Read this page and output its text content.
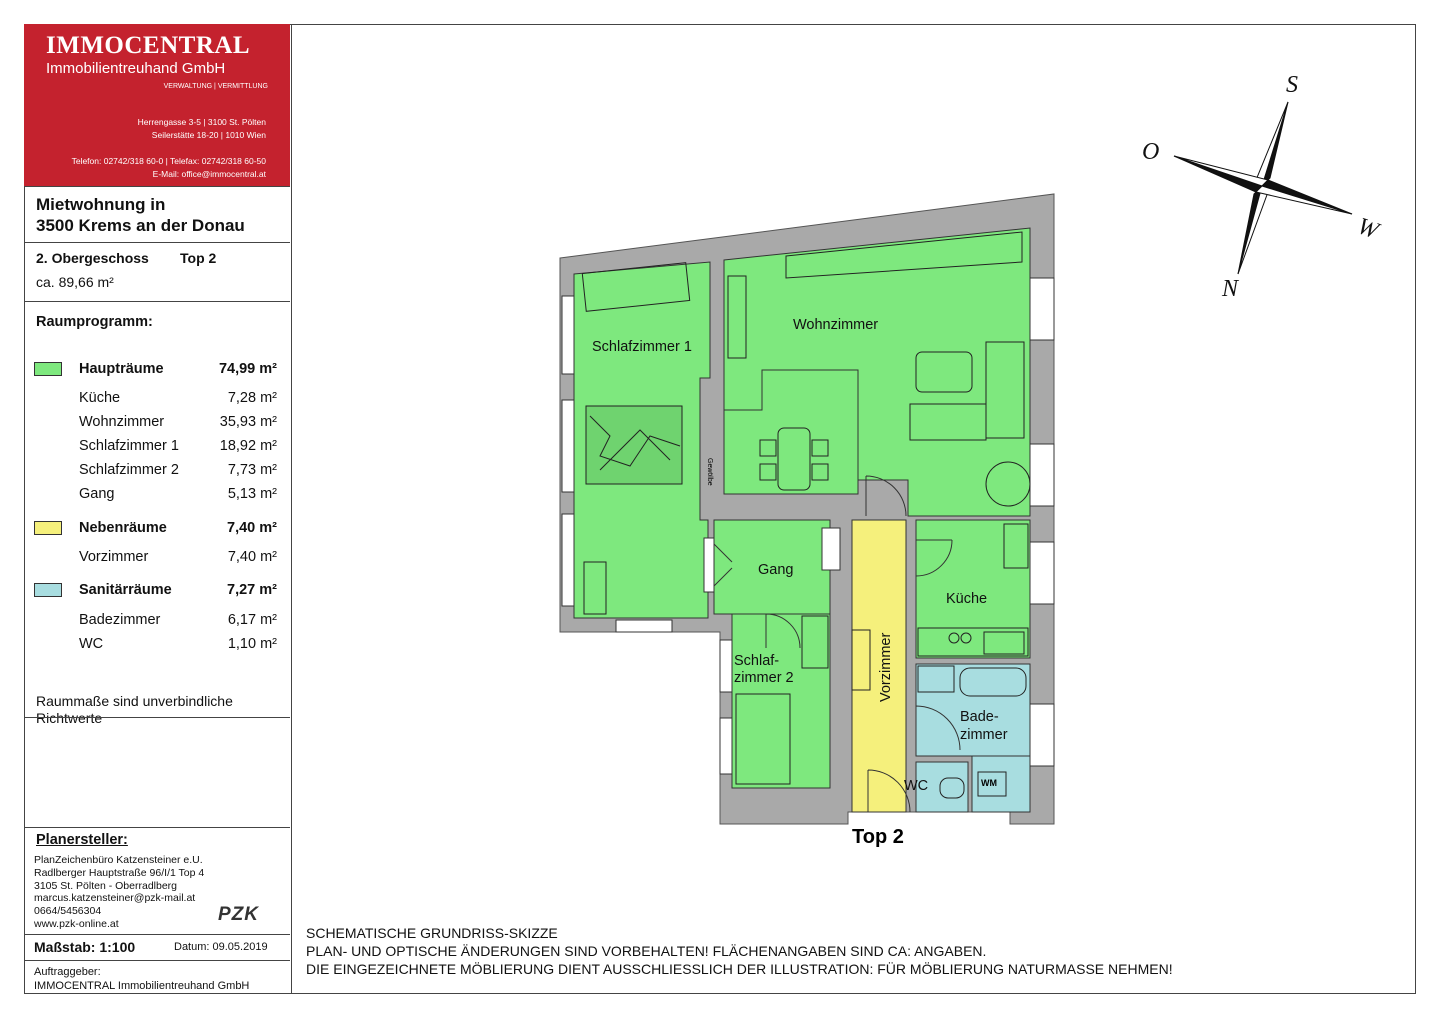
IMMOCENTRAL
Immobilientreuhand GmbH
VERWALTUNG | VERMITTLUNG
Herrengasse 3-5 | 3100 St. Pölten
Seilerstätte 18-20 | 1010 Wien
Telefon: 02742/318 60-0 | Telefax: 02742/318 60-50
E-Mail: office@immocentral.at
Mietwohnung in
3500 Krems an der Donau
2. Obergeschoss Top 2
ca. 89,66 m²
Raumprogramm:
Haupträume	74,99 m²
Küche	7,28 m²
Wohnzimmer	35,93 m²
Schlafzimmer 1	18,92 m²
Schlafzimmer 2	7,73 m²
Gang	5,13 m²
Nebenräume	7,40 m²
Vorzimmer	7,40 m²
Sanitärräume	7,27 m²
Badezimmer	6,17 m²
WC	1,10 m²
Raummaße sind unverbindliche
Richtwerte
Planersteller:
PlanZeichenbüro Katzensteiner e.U.
Radlberger Hauptstraße 96/I/1 Top 4
3105 St. Pölten - Oberradlberg
marcus.katzensteiner@pzk-mail.at
0664/5456304
www.pzk-online.at	PZK
Maßstab: 1:100	Datum: 09.05.2019
Auftraggeber:
IMMOCENTRAL Immobilientreuhand GmbH
Schlafzimmer 1
Wohnzimmer
Gang
Küche
Schlaf-
zimmer 2	Vorzimmer
Bade-
zimmer
WC	WM
Gewölbe
Top 2
S
O
W
N
SCHEMATISCHE GRUNDRISS-SKIZZE
PLAN- UND OPTISCHE ÄNDERUNGEN SIND VORBEHALTEN! FLÄCHENANGABEN SIND CA: ANGABEN.
DIE EINGEZEICHNETE MÖBLIERUNG DIENT AUSSCHLIESSLICH DER ILLUSTRATION: FÜR MÖBLIERUNG NATURMASSE NEHMEN!
